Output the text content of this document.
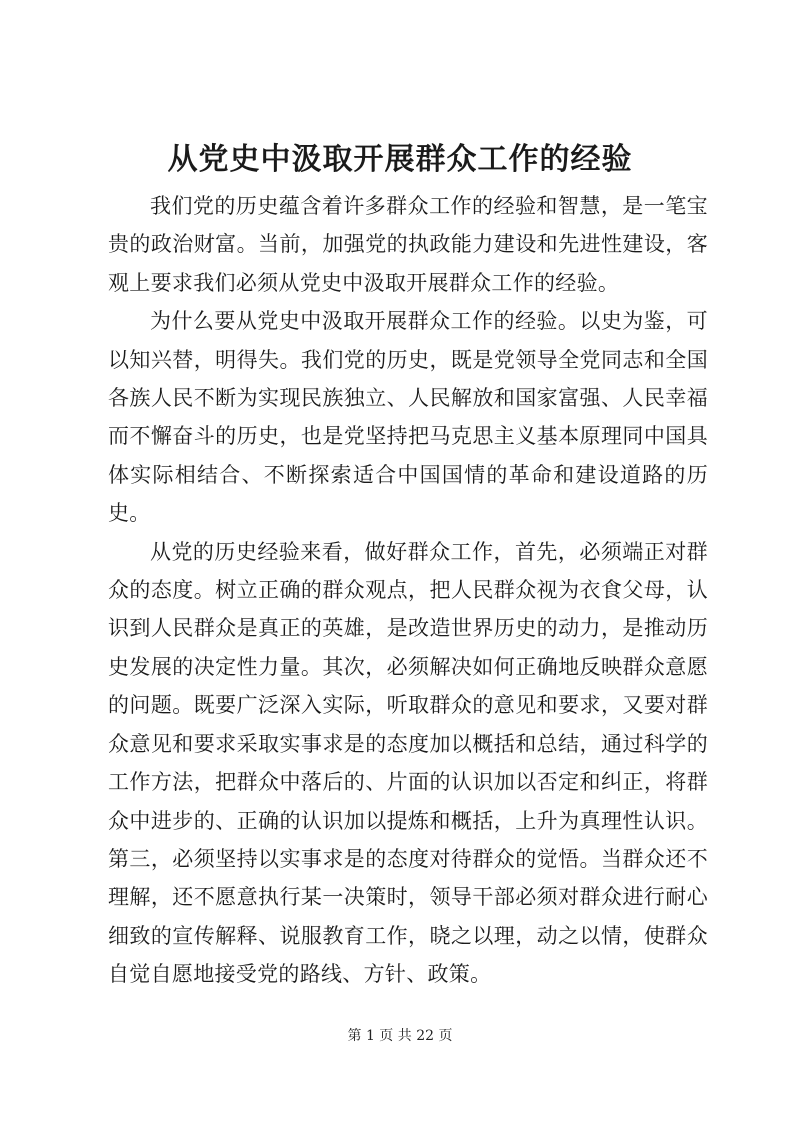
从党史中汲取开展群众工作的经验

我们党的历史蕴含着许多群众工作的经验和智慧，是一笔宝贵的政治财富。当前，加强党的执政能力建设和先进性建设，客观上要求我们必须从党史中汲取开展群众工作的经验。

为什么要从党史中汲取开展群众工作的经验。以史为鉴，可以知兴替，明得失。我们党的历史，既是党领导全党同志和全国各族人民不断为实现民族独立、人民解放和国家富强、人民幸福而不懈奋斗的历史，也是党坚持把马克思主义基本原理同中国具体实际相结合、不断探索适合中国国情的革命和建设道路的历史。

从党的历史经验来看，做好群众工作，首先，必须端正对群众的态度。树立正确的群众观点，把人民群众视为衣食父母，认识到人民群众是真正的英雄，是改造世界历史的动力，是推动历史发展的决定性力量。其次，必须解决如何正确地反映群众意愿的问题。既要广泛深入实际，听取群众的意见和要求，又要对群众意见和要求采取实事求是的态度加以概括和总结，通过科学的工作方法，把群众中落后的、片面的认识加以否定和纠正，将群众中进步的、正确的认识加以提炼和概括，上升为真理性认识。第三，必须坚持以实事求是的态度对待群众的觉悟。当群众还不理解，还不愿意执行某一决策时，领导干部必须对群众进行耐心细致的宣传解释、说服教育工作，晓之以理，动之以情，使群众自觉自愿地接受党的路线、方针、政策。

第 1 页 共 22 页
